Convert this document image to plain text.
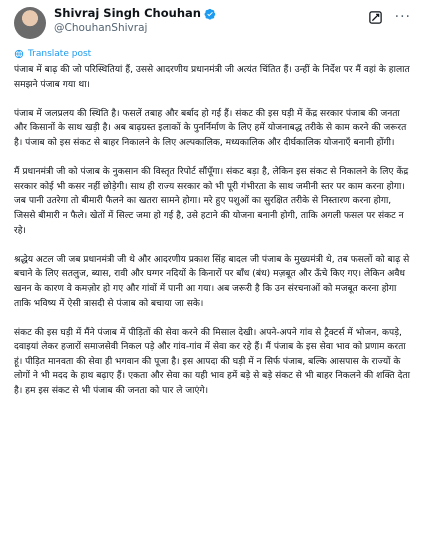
Shivraj Singh Chouhan
@ChouhanShivraj
···
Translate post

पंजाब में बाढ़ की जो परिस्थितियां हैं, उससे आदरणीय प्रधानमंत्री जी अत्यंत चिंतित हैं। उन्हीं के निर्देश पर मैं वहां के हालात समझने पंजाब गया था।

पंजाब में जलप्रलय की स्थिति है। फसलें तबाह और बर्बाद हो गई हैं। संकट की इस घड़ी में केंद्र सरकार पंजाब की जनता और किसानों के साथ खड़ी है। अब बाढ़ग्रस्त इलाकों के पुनर्निर्माण के लिए हमें योजनाबद्ध तरीके से काम करने की जरूरत है। पंजाब को इस संकट से बाहर निकालने के लिए अल्पकालिक, मध्यकालिक और दीर्घकालिक योजनाएँ बनानी होंगी।

मैं प्रधानमंत्री जी को पंजाब के नुकसान की विस्तृत रिपोर्ट सौंपूँगा। संकट बड़ा है, लेकिन इस संकट से निकालने के लिए केंद्र सरकार कोई भी कसर नहीं छोड़ेगी। साथ ही राज्य सरकार को भी पूरी गंभीरता के साथ जमीनी स्तर पर काम करना होगा। जब पानी उतरेगा तो बीमारी फैलने का खतरा सामने होगा। मरे हुए पशुओं का सुरक्षित तरीके से निस्तारण करना होगा, जिससे बीमारी न फैले। खेतों में सिल्ट जमा हो गई है, उसे हटाने की योजना बनानी होगी, ताकि अगली फसल पर संकट न रहे।

श्रद्धेय अटल जी जब प्रधानमंत्री जी थे और आदरणीय प्रकाश सिंह बादल जी पंजाब के मुख्यमंत्री थे, तब फसलों को बाढ़ से बचाने के लिए सतलुज, ब्यास, रावी और घग्गर नदियों के किनारों पर बाँध (बंध) मज़बूत और ऊँचे किए गए। लेकिन अवैध खनन के कारण वे कमज़ोर हो गए और गांवों में पानी आ गया। अब जरूरी है कि उन संरचनाओं को मजबूत करना होगा ताकि भविष्य में ऐसी त्रासदी से पंजाब को बचाया जा सके।

संकट की इस घड़ी में मैंने पंजाब में पीड़ितों की सेवा करने की मिसाल देखी। अपने-अपने गांव से ट्रैक्टर्स में भोजन, कपड़े, दवाइयां लेकर हजारों समाजसेवी निकल पड़े और गांव-गांव में सेवा कर रहे हैं। मैं पंजाब के इस सेवा भाव को प्रणाम करता हूं। पीड़ित मानवता की सेवा ही भगवान की पूजा है। इस आपदा की घड़ी में न सिर्फ पंजाब, बल्कि आसपास के राज्यों के लोगों ने भी मदद के हाथ बढ़ाए हैं। एकता और सेवा का यही भाव हमें बड़े से बड़े संकट से भी बाहर निकलने की शक्ति देता है। हम इस संकट से भी पंजाब की जनता को पार ले जाएंगे।
